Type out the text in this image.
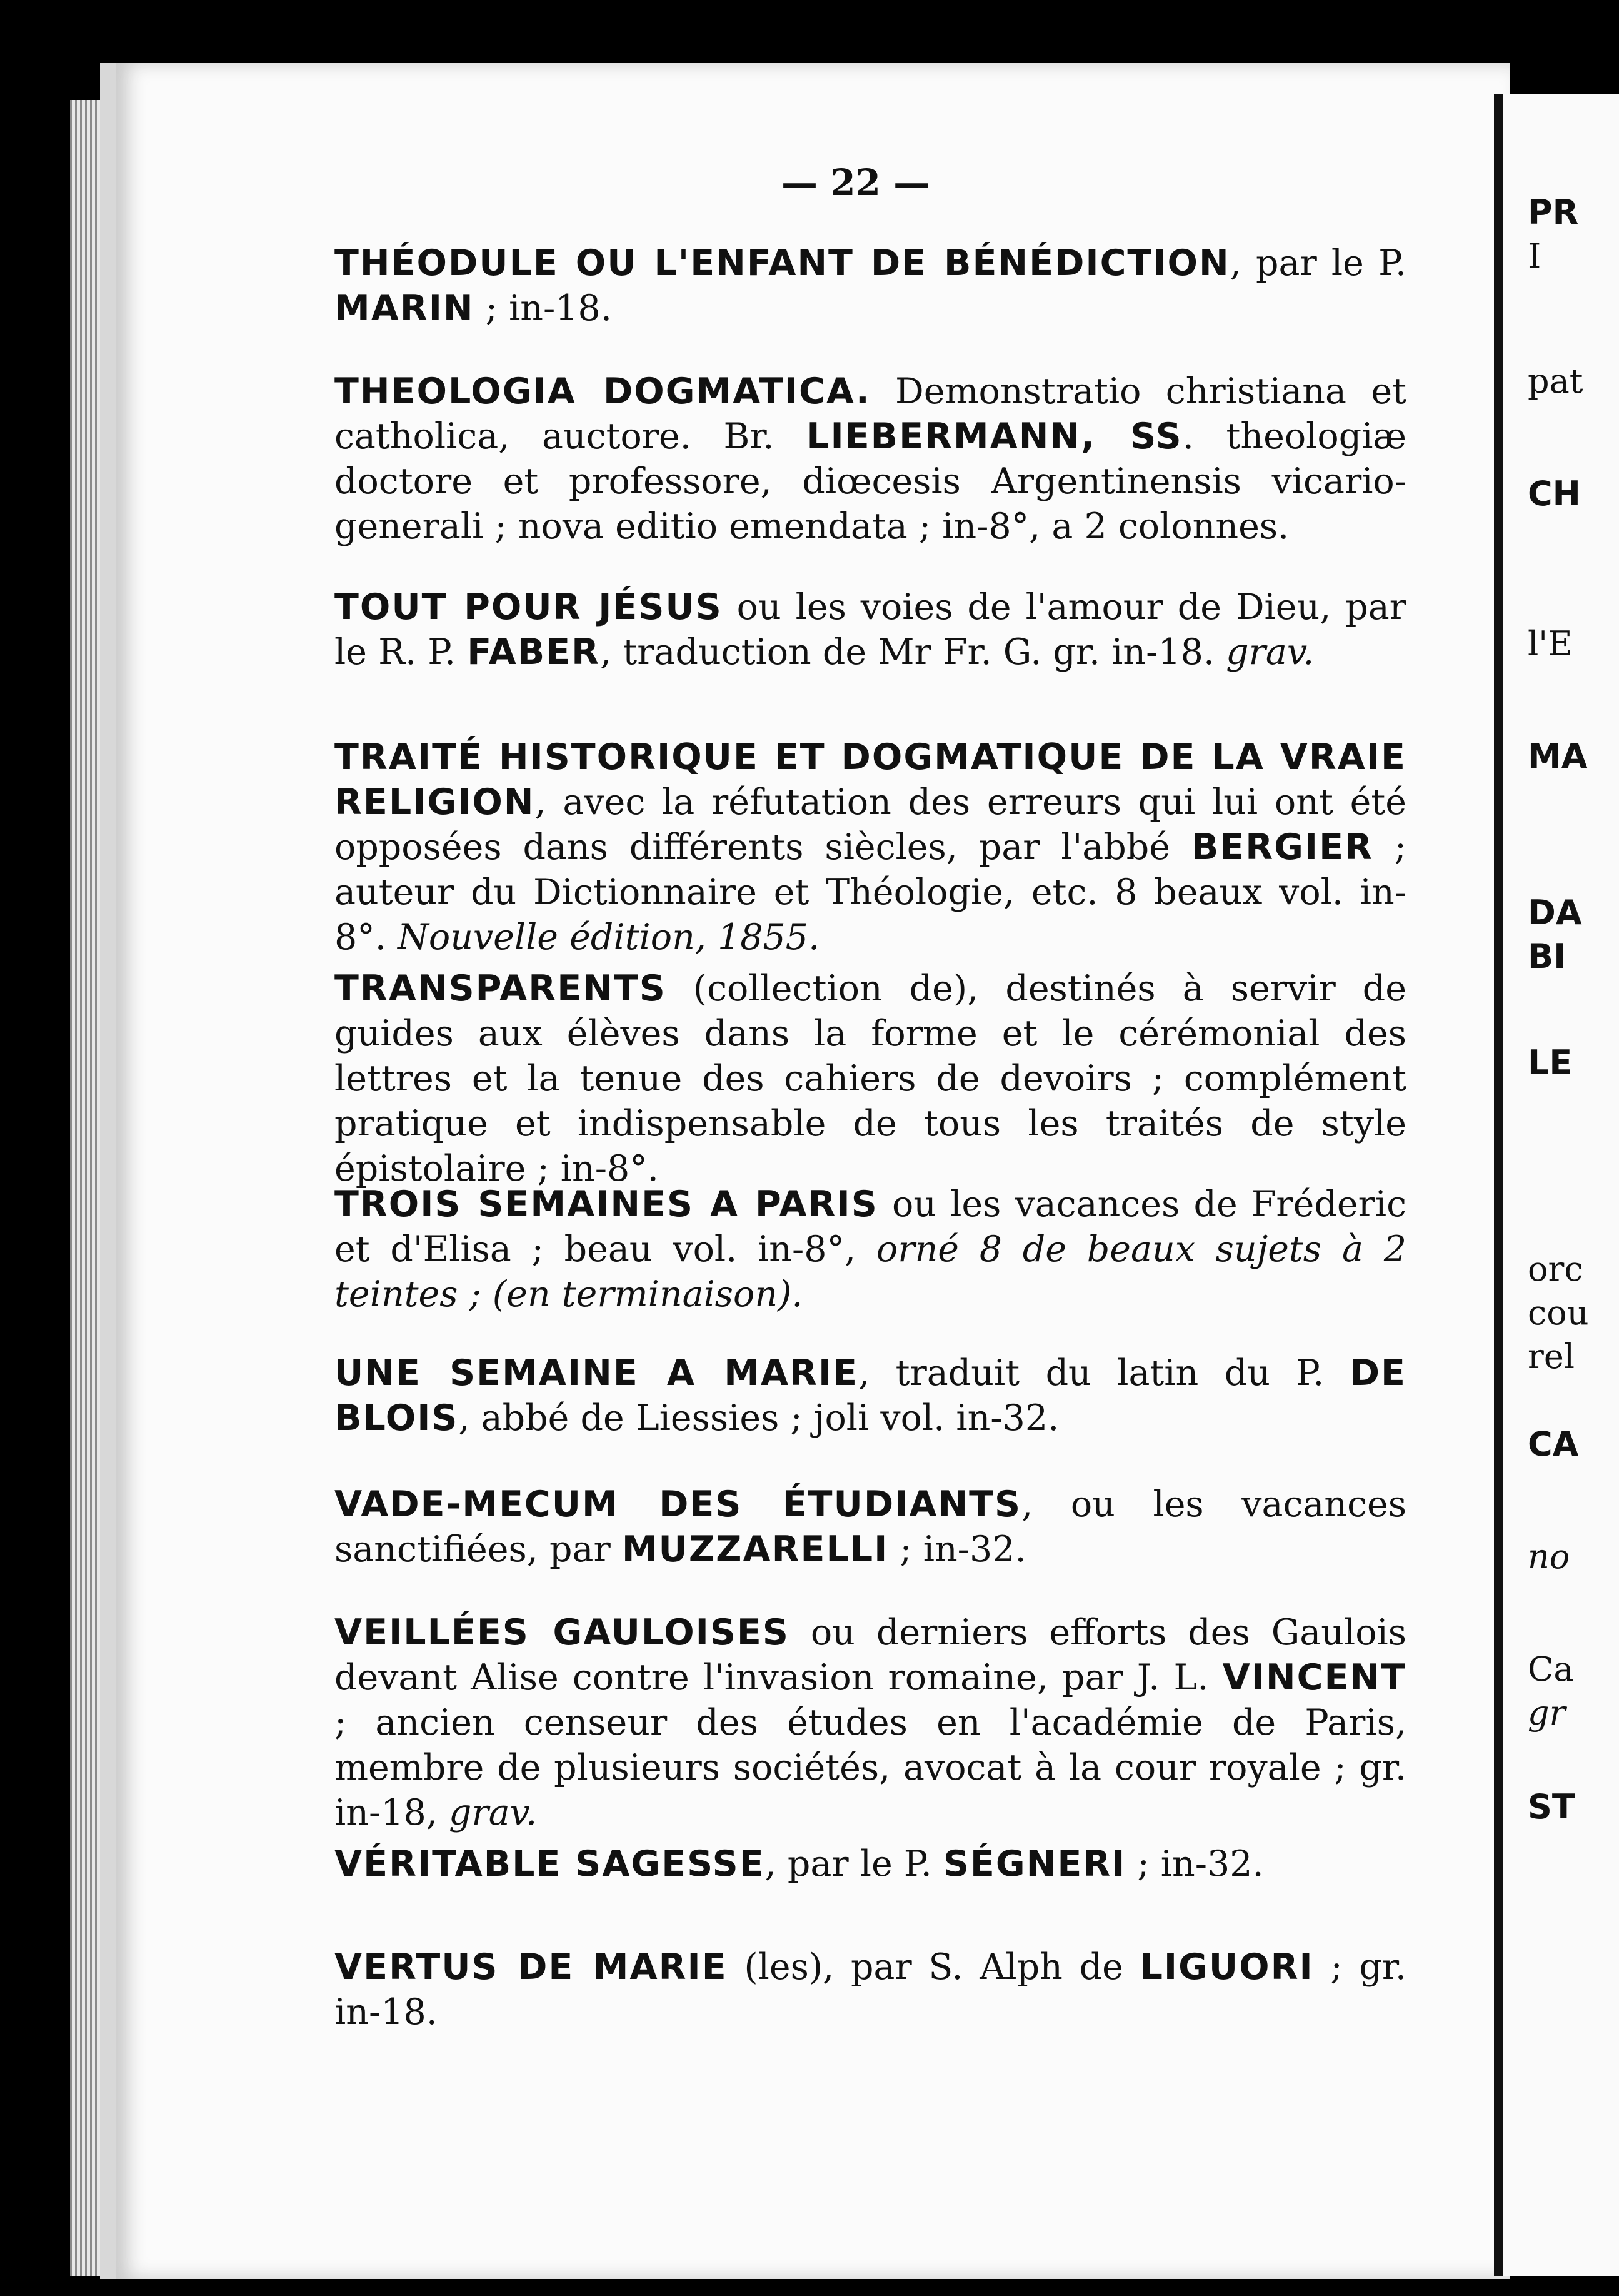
— 22 —
THÉODULE OU L'ENFANT DE BÉNÉDICTION, par le P. MARIN ; in-18.
THEOLOGIA DOGMATICA. Demonstratio christiana et catholica, auctore. Br. LIEBERMANN, SS. theologiæ doctore et professore, diœcesis Argentinensis vicario-generali ; nova editio emendata ; in-8°, a 2 colonnes.
TOUT POUR JÉSUS ou les voies de l'amour de Dieu, par le R. P. FABER, traduction de Mr Fr. G. gr. in-18. grav.
TRAITÉ HISTORIQUE ET DOGMATIQUE DE LA VRAIE RELIGION, avec la réfutation des erreurs qui lui ont été opposées dans différents siècles, par l'abbé BERGIER ; auteur du Dictionnaire et Théologie, etc. 8 beaux vol. in-8°. Nouvelle édition, 1855.
TRANSPARENTS (collection de), destinés à servir de guides aux élèves dans la forme et le cérémonial des lettres et la tenue des cahiers de devoirs ; complément pratique et indispensable de tous les traités de style épistolaire ; in-8°.
TROIS SEMAINES A PARIS ou les vacances de Fréderic et d'Elisa ; beau vol. in-8°, orné 8 de beaux sujets à 2 teintes ; (en terminaison).
UNE SEMAINE A MARIE, traduit du latin du P. DE BLOIS, abbé de Liessies ; joli vol. in-32.
VADE-MECUM DES ÉTUDIANTS, ou les vacances sanctifiées, par MUZZARELLI ; in-32.
VEILLÉES GAULOISES ou derniers efforts des Gaulois devant Alise contre l'invasion romaine, par J. L. VINCENT ; ancien censeur des études en l'académie de Paris, membre de plusieurs sociétés, avocat à la cour royale ; gr. in-18, grav.
VÉRITABLE SAGESSE, par le P. SÉGNERI ; in-32.
VERTUS DE MARIE (les), par S. Alph de LIGUORI ; gr. in-18.
PR
I
pat
CH
l'E
MA
DA
BI
LE
orc
cou
rel
CA
no
Ca
gr
ST
